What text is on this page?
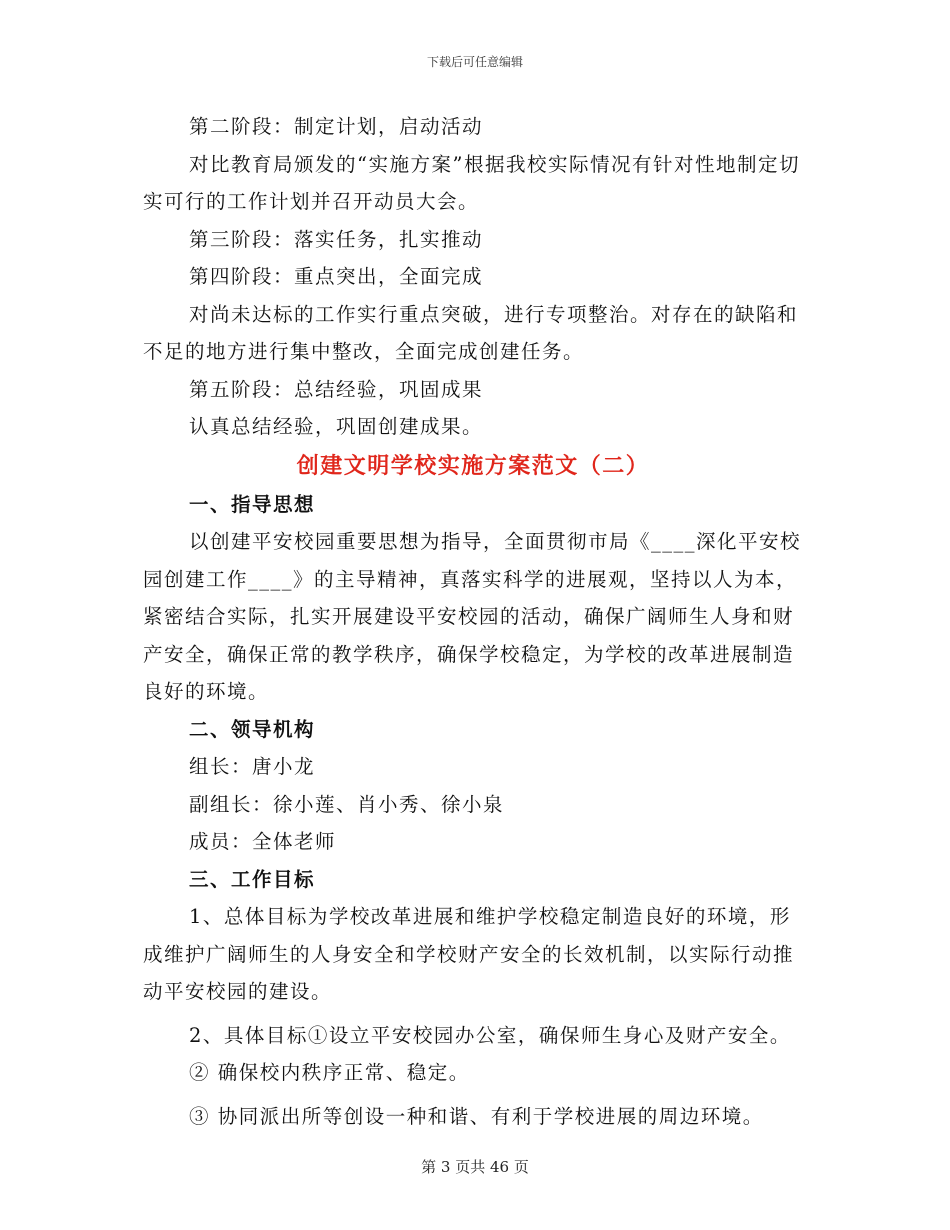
下载后可任意编辑

第二阶段：制定计划，启动活动

对比教育局颁发的“实施方案”根据我校实际情况有针对性地制定切实可行的工作计划并召开动员大会。

第三阶段：落实任务，扎实推动

第四阶段：重点突出，全面完成

对尚未达标的工作实行重点突破，进行专项整治。对存在的缺陷和不足的地方进行集中整改，全面完成创建任务。

第五阶段：总结经验，巩固成果

认真总结经验，巩固创建成果。

创建文明学校实施方案范文（二）

一、指导思想

以创建平安校园重要思想为指导，全面贯彻市局《____深化平安校园创建工作____》的主导精神，真落实科学的进展观，坚持以人为本，紧密结合实际，扎实开展建设平安校园的活动，确保广阔师生人身和财产安全，确保正常的教学秩序，确保学校稳定，为学校的改革进展制造良好的环境。

二、领导机构

组长：唐小龙

副组长：徐小莲、肖小秀、徐小泉

成员：全体老师

三、工作目标

1、总体目标为学校改革进展和维护学校稳定制造良好的环境，形成维护广阔师生的人身安全和学校财产安全的长效机制，以实际行动推动平安校园的建设。

2、具体目标①设立平安校园办公室，确保师生身心及财产安全。

② 确保校内秩序正常、稳定。

③ 协同派出所等创设一种和谐、有利于学校进展的周边环境。

第 3 页共 46 页
